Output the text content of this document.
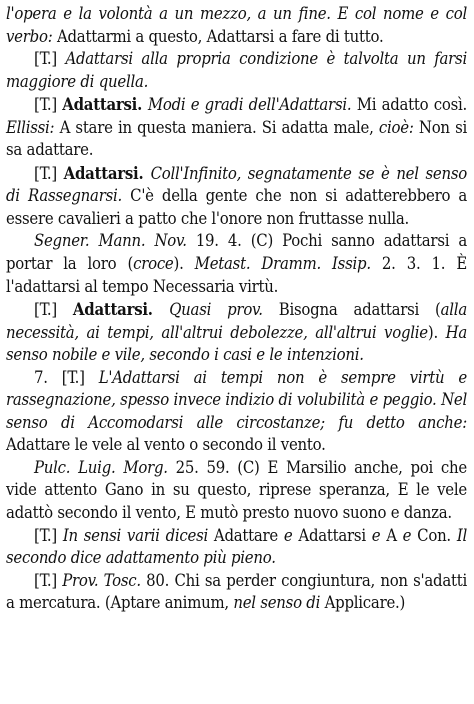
l'opera e la volontà a un mezzo, a un fine. E col nome e col verbo: Adattarmi a questo, Adattarsi a fare di tutto.

[T.] Adattarsi alla propria condizione è talvolta un farsi maggiore di quella.

[T.] Adattarsi. Modi e gradi dell'Adattarsi. Mi adatto così. Ellissi: A stare in questa maniera. Si adatta male, cioè: Non si sa adattare.

[T.] Adattarsi. Coll'Infinito, segnatamente se è nel senso di Rassegnarsi. C'è della gente che non si adatterebbero a essere cavalieri a patto che l'onore non fruttasse nulla.

Segner. Mann. Nov. 19. 4. (C) Pochi sanno adattarsi a portar la loro (croce). Metast. Dramm. Issip. 2. 3. 1. È l'adattarsi al tempo Necessaria virtù.

[T.] Adattarsi. Quasi prov. Bisogna adattarsi (alla necessità, ai tempi, all'altrui debolezze, all'altrui voglie). Ha senso nobile e vile, secondo i casi e le intenzioni.

7. [T.] L'Adattarsi ai tempi non è sempre virtù e rassegnazione, spesso invece indizio di volubilità e peggio. Nel senso di Accomodarsi alle circostanze; fu detto anche: Adattare le vele al vento o secondo il vento.

Pulc. Luig. Morg. 25. 59. (C) E Marsilio anche, poi che vide attento Gano in su questo, riprese speranza, E le vele adattò secondo il vento, E mutò presto nuovo suono e danza.

[T.] In sensi varii dicesi Adattare e Adattarsi e A e Con. Il secondo dice adattamento più pieno.

[T.] Prov. Tosc. 80. Chi sa perder congiuntura, non s'adatti a mercatura. (Aptare animum, nel senso di Applicare.)
